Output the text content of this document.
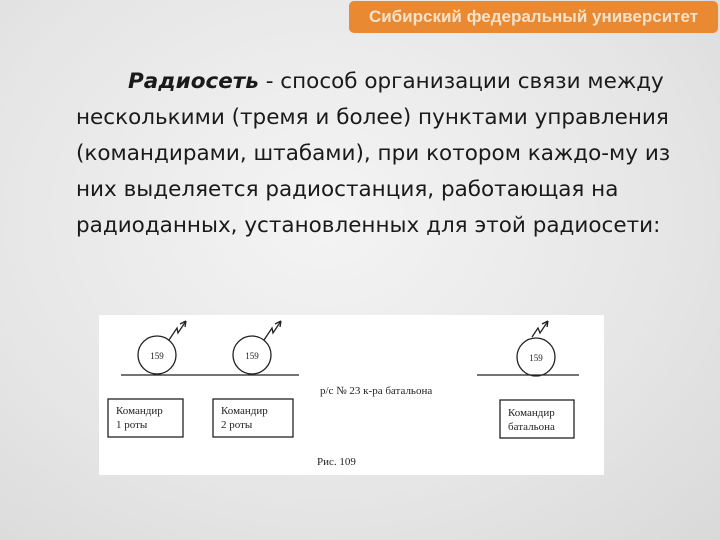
Сибирский федеральный университет

Радиосеть - способ организации связи между несколькими (тремя и более) пунктами управления (командирами, штабами), при котором каждо-му из них выделяется радиостанция, работающая на радиоданных, установленных для этой радиосети:

159	159	159
р/с № 23 к-ра батальона
Командир
1 роты
Командир
2 роты
Командир
батальона
Рис. 109
